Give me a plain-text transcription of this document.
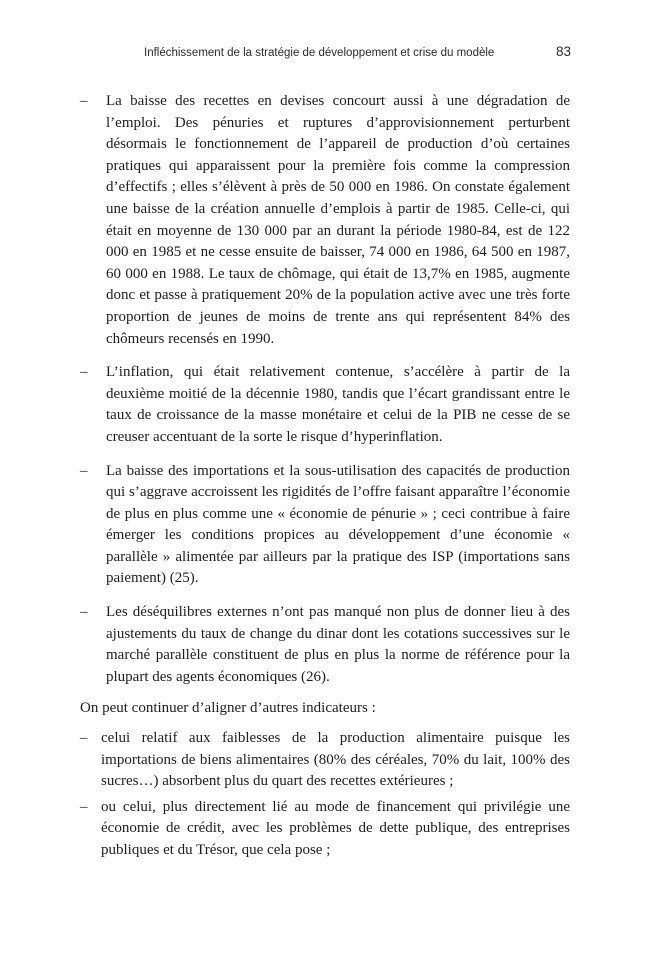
Infléchissement de la stratégie de développement et crise du modèle	83
– La baisse des recettes en devises concourt aussi à une dégradation de l’emploi. Des pénuries et ruptures d’approvisionnement perturbent désormais le fonctionnement de l’appareil de production d’où certaines pratiques qui apparaissent pour la première fois comme la compression d’effectifs ; elles s’élèvent à près de 50 000 en 1986. On constate également une baisse de la création annuelle d’emplois à partir de 1985. Celle-ci, qui était en moyenne de 130 000 par an durant la période 1980-84, est de 122 000 en 1985 et ne cesse ensuite de baisser, 74 000 en 1986, 64 500 en 1987, 60 000 en 1988. Le taux de chômage, qui était de 13,7% en 1985, augmente donc et passe à pratiquement 20% de la population active avec une très forte proportion de jeunes de moins de trente ans qui représentent 84% des chômeurs recensés en 1990.
– L’inflation, qui était relativement contenue, s’accélère à partir de la deuxième moitié de la décennie 1980, tandis que l’écart grandissant entre le taux de croissance de la masse monétaire et celui de la PIB ne cesse de se creuser accentuant de la sorte le risque d’hyperinflation.
– La baisse des importations et la sous-utilisation des capacités de production qui s’aggrave accroissent les rigidités de l’offre faisant apparaître l’économie de plus en plus comme une « économie de pénurie » ; ceci contribue à faire émerger les conditions propices au développement d’une économie « parallèle » alimentée par ailleurs par la pratique des ISP (importations sans paiement) (25).
– Les déséquilibres externes n’ont pas manqué non plus de donner lieu à des ajustements du taux de change du dinar dont les cotations successives sur le marché parallèle constituent de plus en plus la norme de référence pour la plupart des agents économiques (26).

On peut continuer d’aligner d’autres indicateurs :

– celui relatif aux faiblesses de la production alimentaire puisque les importations de biens alimentaires (80% des céréales, 70% du lait, 100% des sucres…) absorbent plus du quart des recettes extérieures ;
– ou celui, plus directement lié au mode de financement qui privilégie une économie de crédit, avec les problèmes de dette publique, des entreprises publiques et du Trésor, que cela pose ;
